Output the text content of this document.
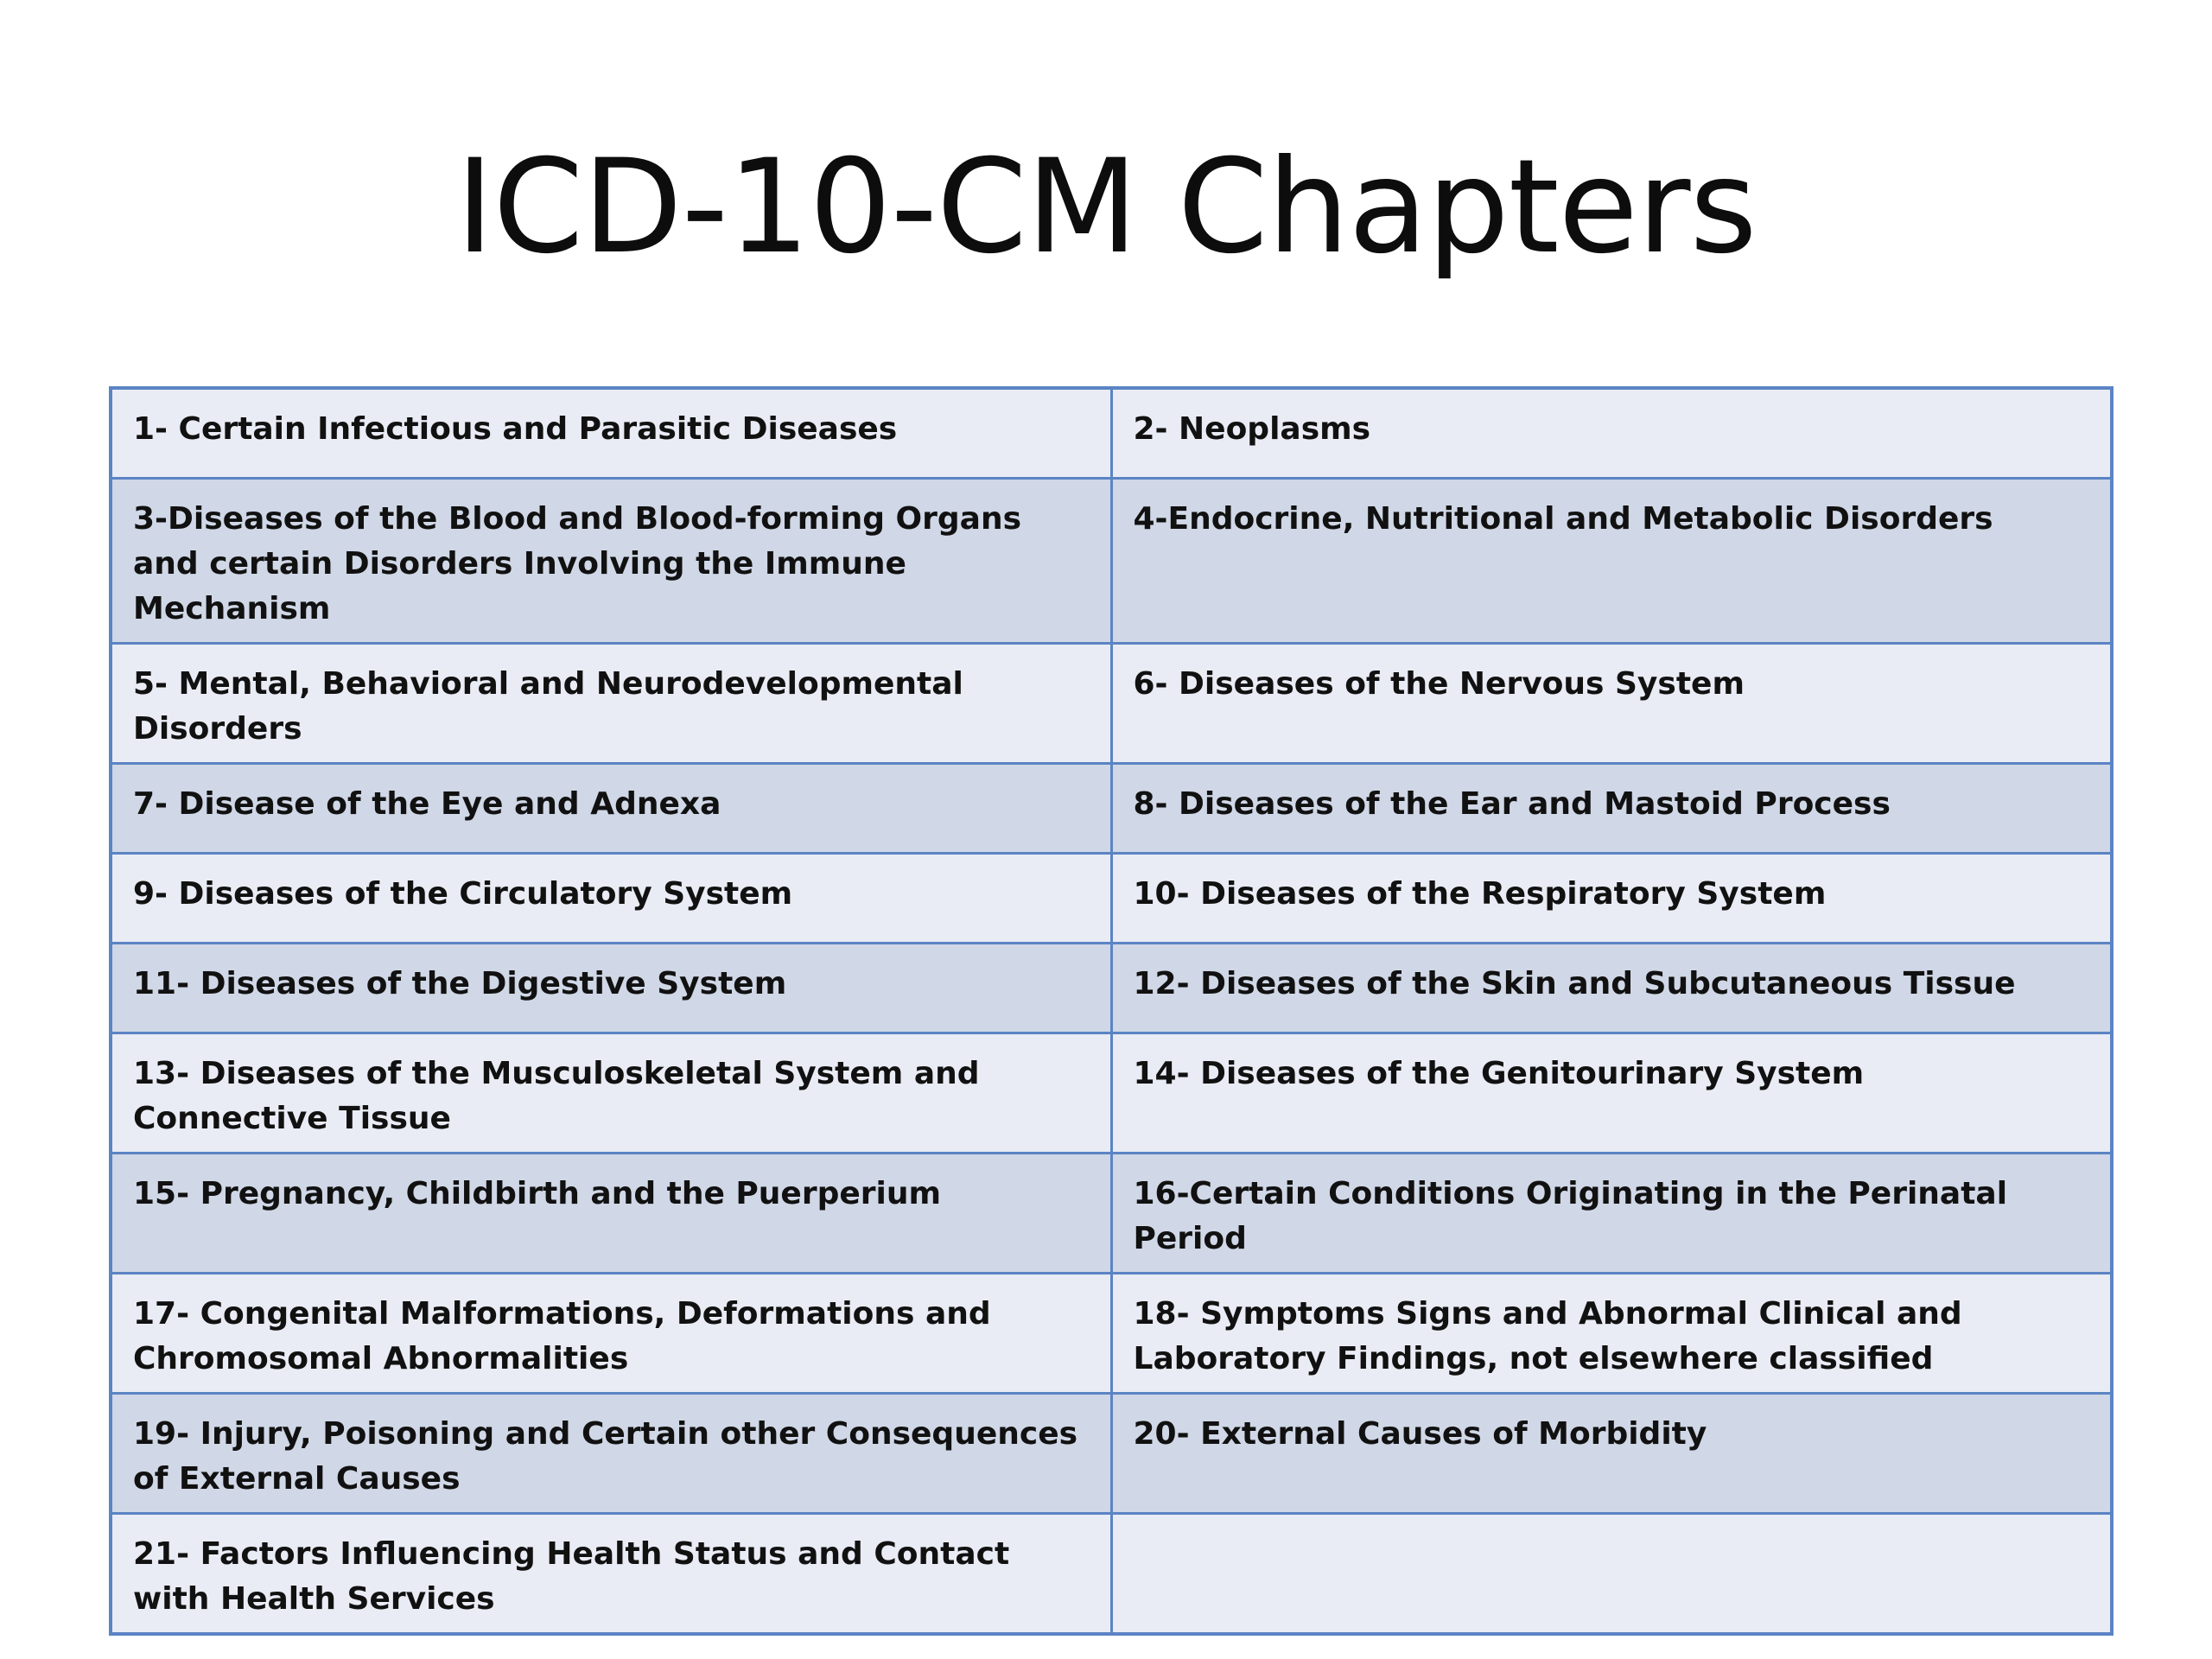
ICD-10-CM Chapters
1- Certain Infectious and Parasitic Diseases	2- Neoplasms
3-Diseases of the Blood and Blood-forming Organs and certain Disorders Involving the Immune Mechanism	4-Endocrine, Nutritional and Metabolic Disorders
5- Mental, Behavioral and Neurodevelopmental Disorders	6- Diseases of the Nervous System
7- Disease of the Eye and Adnexa	8- Diseases of the Ear and Mastoid Process
9- Diseases of the Circulatory System	10- Diseases of the Respiratory System
11- Diseases of the Digestive System	12- Diseases of the Skin and Subcutaneous Tissue
13- Diseases of the Musculoskeletal System and Connective Tissue	14- Diseases of the Genitourinary System
15- Pregnancy, Childbirth and the Puerperium	16-Certain Conditions Originating in the Perinatal Period
17- Congenital Malformations, Deformations and Chromosomal Abnormalities	18- Symptoms Signs and Abnormal Clinical and Laboratory Findings, not elsewhere classified
19- Injury, Poisoning and Certain other Consequences of External Causes	20- External Causes of Morbidity
21- Factors Influencing Health Status and Contact with Health Services	
